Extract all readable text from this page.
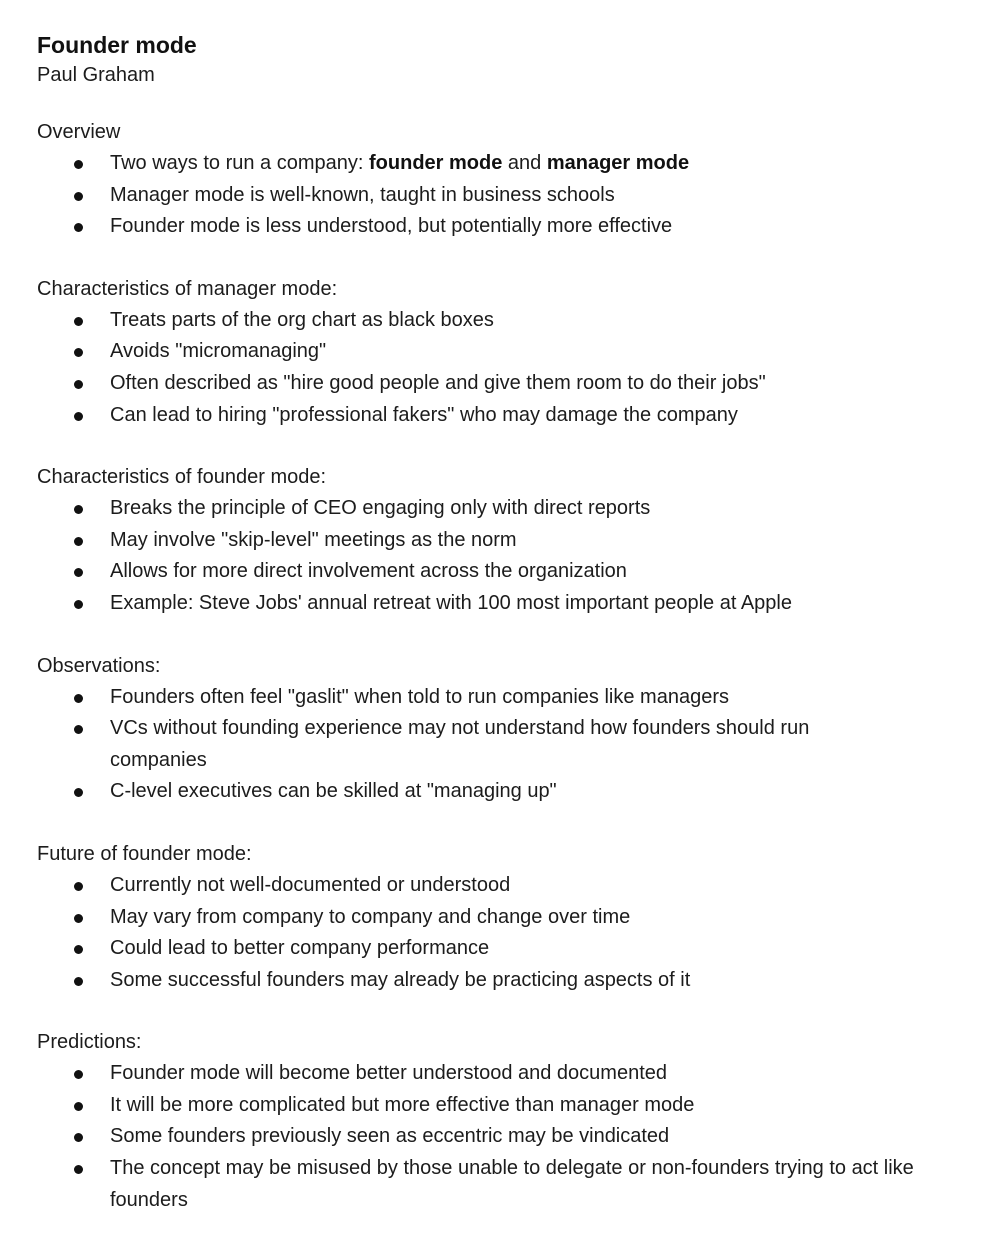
Founder mode
Paul Graham
Overview
Two ways to run a company: founder mode and manager mode
Manager mode is well-known, taught in business schools
Founder mode is less understood, but potentially more effective
Characteristics of manager mode:
Treats parts of the org chart as black boxes
Avoids "micromanaging"
Often described as "hire good people and give them room to do their jobs"
Can lead to hiring "professional fakers" who may damage the company
Characteristics of founder mode:
Breaks the principle of CEO engaging only with direct reports
May involve "skip-level" meetings as the norm
Allows for more direct involvement across the organization
Example: Steve Jobs' annual retreat with 100 most important people at Apple
Observations:
Founders often feel "gaslit" when told to run companies like managers
VCs without founding experience may not understand how founders should run companies
C-level executives can be skilled at "managing up"
Future of founder mode:
Currently not well-documented or understood
May vary from company to company and change over time
Could lead to better company performance
Some successful founders may already be practicing aspects of it
Predictions:
Founder mode will become better understood and documented
It will be more complicated but more effective than manager mode
Some founders previously seen as eccentric may be vindicated
The concept may be misused by those unable to delegate or non-founders trying to act like founders
